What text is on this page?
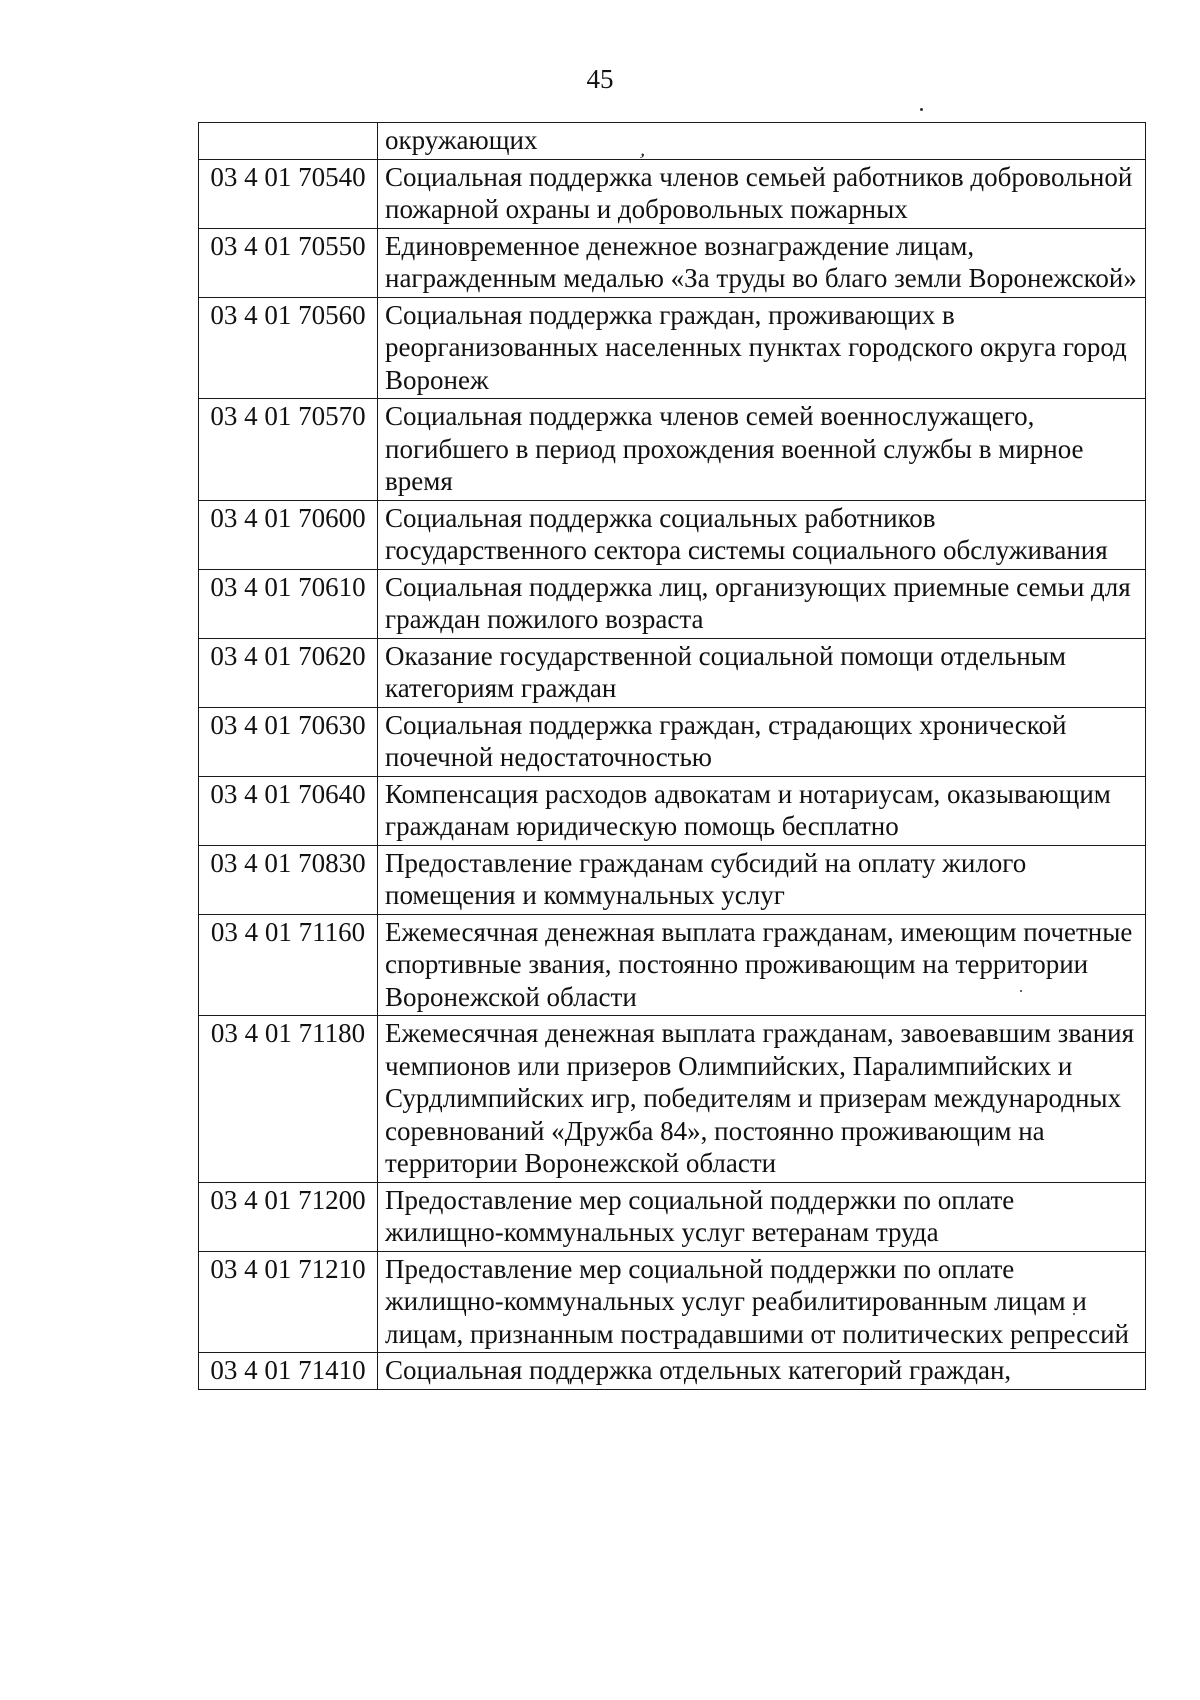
45
,
	окружающих
03 4 01 70540	Социальная поддержка членов семьей работников добровольной пожарной охраны и добровольных пожарных
03 4 01 70550	Единовременное денежное вознаграждение лицам, награжденным медалью «За труды во благо земли Воронежской»
03 4 01 70560	Социальная поддержка граждан, проживающих в реорганизованных населенных пунктах городского округа город Воронеж
03 4 01 70570	Социальная поддержка членов семей военнослужащего, погибшего в период прохождения военной службы в мирное время
03 4 01 70600	Социальная поддержка социальных работников государственного сектора системы социального обслуживания
03 4 01 70610	Социальная поддержка лиц, организующих приемные семьи для граждан пожилого возраста
03 4 01 70620	Оказание государственной социальной помощи отдельным категориям граждан
03 4 01 70630	Социальная поддержка граждан, страдающих хронической почечной недостаточностью
03 4 01 70640	Компенсация расходов адвокатам и нотариусам, оказывающим гражданам юридическую помощь бесплатно
03 4 01 70830	Предоставление гражданам субсидий на оплату жилого помещения и коммунальных услуг
03 4 01 71160	Ежемесячная денежная выплата гражданам, имеющим почетные спортивные звания, постоянно проживающим на территории Воронежской области
03 4 01 71180	Ежемесячная денежная выплата гражданам, завоевавшим звания чемпионов или призеров Олимпийских, Паралимпийских и Сурдлимпийских игр, победителям и призерам международных соревнований «Дружба 84», постоянно проживающим на территории Воронежской области
03 4 01 71200	Предоставление мер социальной поддержки по оплате жилищно-коммунальных услуг ветеранам труда
03 4 01 71210	Предоставление мер социальной поддержки по оплате жилищно-коммунальных услуг реабилитированным лицам и лицам, признанным пострадавшими от политических репрессий
03 4 01 71410	Социальная поддержка отдельных категорий граждан,
